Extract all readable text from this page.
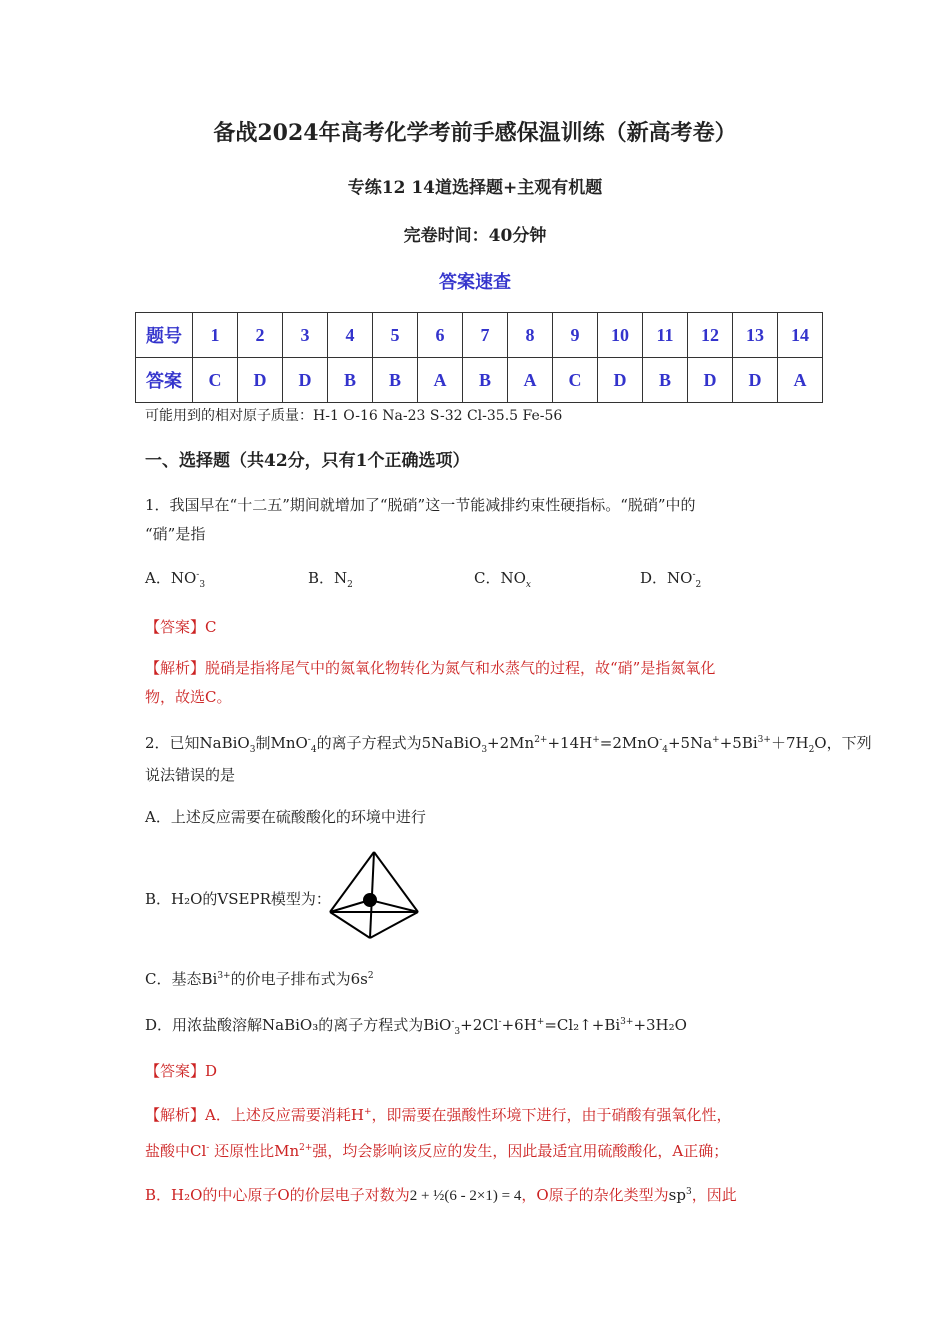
备战2024年高考化学考前手感保温训练（新高考卷）
专练12 14道选择题+主观有机题
完卷时间：40分钟
答案速查
题号	1	2	3	4	5	6	7	8	9	10	11	12	13	14
答案	C	D	D	B	B	A	B	A	C	D	B	D	D	A
可能用到的相对原子质量：H-1 O-16 Na-23 S-32 Cl-35.5 Fe-56
一、选择题（共42分，只有1个正确选项）
1．我国早在“十二五”期间就增加了“脱硝”这一节能减排约束性硬指标。“脱硝”中的
“硝”是指
A．$NO^-_3$	B．$N_2$	C．$NO_x$	D．$NO^-_2$
【答案】C
【解析】脱硝是指将尾气中的氮氧化物转化为氮气和水蒸气的过程，故“硝”是指氮氧化
物，故选C。
2．已知NaBiO$_3$制MnO-$_4$的离子方程式为$5NaBiO_3+2Mn^{2+}+14H^+=2MnO^-_4+5Na^++5Bi^{3+}+7H_2O$，下列
说法错误的是
A．上述反应需要在硫酸酸化的环境中进行
B．H₂O的VSEPR模型为：
C．基态$Bi^{3+}$的价电子排布式为$6s^2$
D．用浓盐酸溶解NaBiO₃的离子方程式为$BiO^-_3+2Cl^-+6H^+=Cl_2↑+Bi^{3+}+3H_2O$
【答案】D
【解析】A．上述反应需要消耗H+，即需要在强酸性环境下进行，由于硝酸有强氧化性，
盐酸中Cl- 还原性比$Mn^{2+}$强，均会影响该反应的发生，因此最适宜用硫酸酸化，A正确；
B．H₂O的中心原子O的价层电子对数为2 + ½(6 - 2×1) = 4，O原子的杂化类型为$sp^3$，因此
